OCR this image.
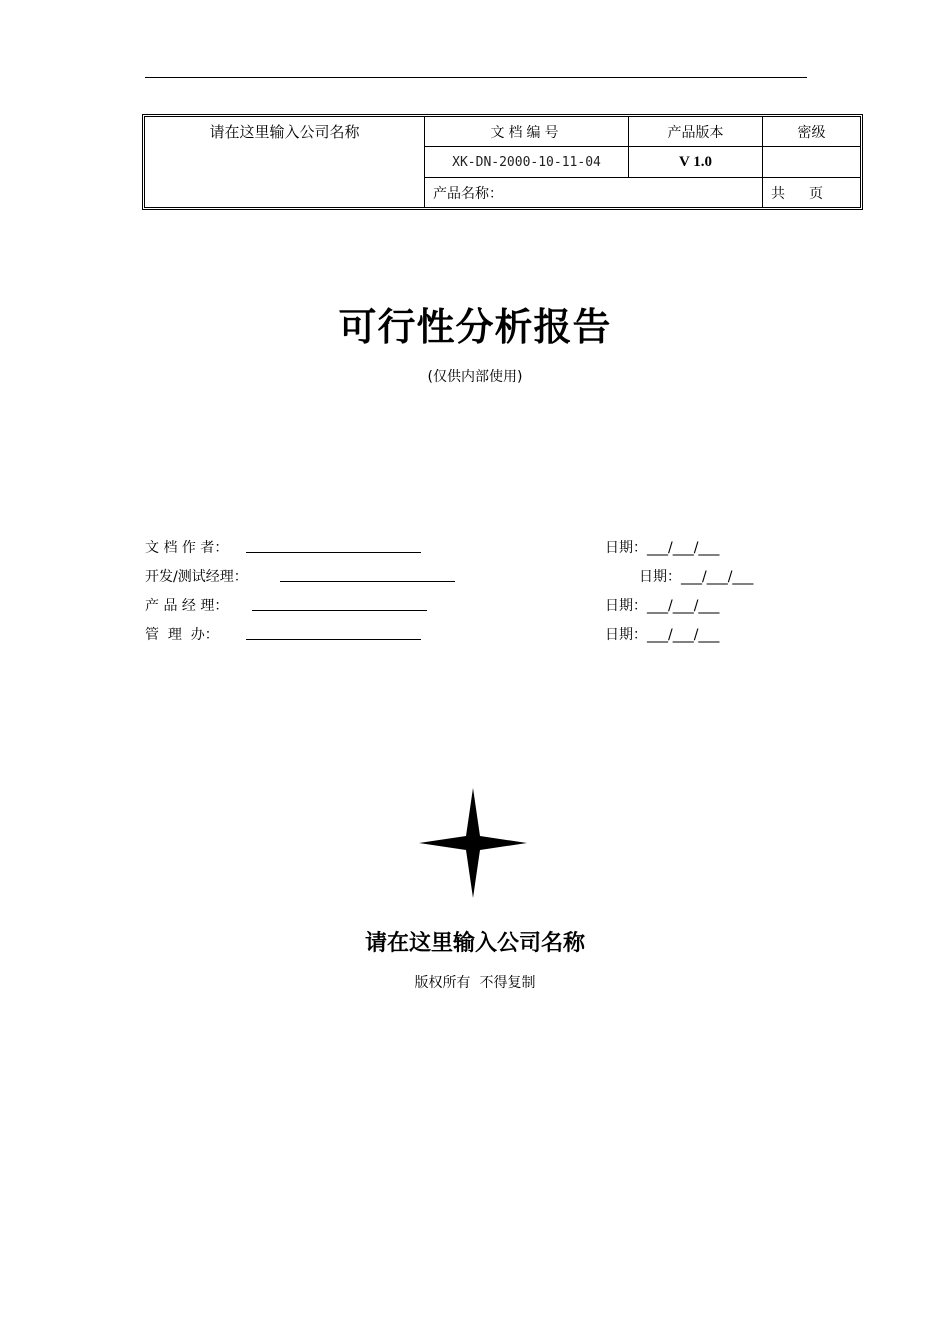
请在这里输入公司名称	文档编号	产品版本	密级
XK-DN-2000-10-11-04	V 1.0
产品名称：	共 页
可行性分析报告
(仅供内部使用)
文 档 作 者：	日期：___/___/___
开发/测试经理：	日期：___/___/___
产 品 经 理：	日期：___/___/___
管  理  办：	日期：___/___/___
请在这里输入公司名称
版权所有  不得复制
